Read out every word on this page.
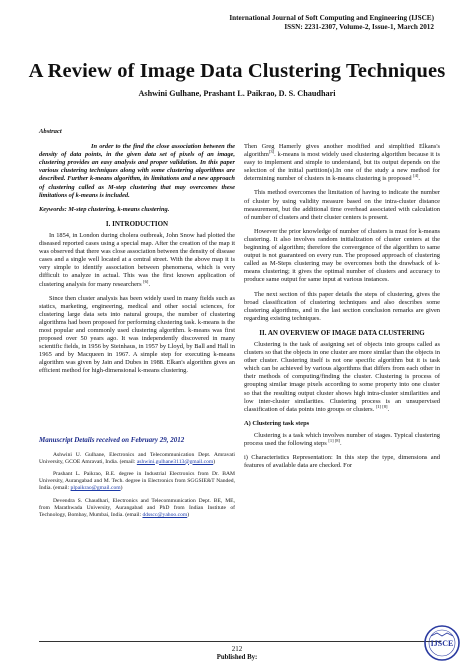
International Journal of Soft Computing and Engineering (IJSCE)
ISSN: 2231-2307, Volume-2, Issue-1, March 2012
A Review of Image Data Clustering Techniques
Ashwini Gulhane, Prashant L. Paikrao, D. S. Chaudhari
Abstract

In order to the find the close association between the density of data points, in the given data set of pixels of an image, clustering provides an easy analysis and proper validation. In this paper various clustering techniques along with some clustering algorithms are described. Further k-means algorithm, its limitations and a new approach of clustering called as M-step clustering that may overcomes these limitations of k-means is included.

Keywords: M-step clustering, k-means clustering.
I. INTRODUCTION

In 1854, in London during cholera outbreak, John Snow had plotted the diseased reported cases using a special map. After the creation of the map it was observed that there was close association between the density of disease cases and a single well located at a central street. With the above map it is very simple to identify association between phenomena, which is very difficult to analyze in actual. This was the first known application of clustering analysis for many researchers [6].

Since then cluster analysis has been widely used in many fields such as statics, marketing, engineering, medical and other social sciences, for clustering large data sets into natural groups, the number of clustering algorithms had been proposed for performing clustering task. k-means is the most popular and commonly used clustering algorithm. k-means was first proposed over 50 years ago. It was independently discovered in many scientific fields, in 1956 by Steinhaus, in 1957 by Lloyd, by Ball and Hall in 1965 and by Macqueen in 1967. A simple step for executing k-means algorithm was given by Jain and Dubes in 1988. Elkan's algorithm gives an efficient method for high-dimensional k-means clustering.

Manuscript Details received on February 29, 2012

Ashwini U. Gulhane, Electronics and Telecommunication Dept. Amravati University, GCOE Amravati, India. (email: ashwini.gulhane3113@gmail.com)

Prashant L. Paikrao, B.E. degree in Industrial Electronics from Dr. BAM University, Aurangabad and M. Tech. degree in Electronics from SGGSIE&T Nanded, India. (email: plpaikrao@gmail.com)

Devendra S. Chaudhari, Electronics and Telecommunication Dept. BE, ME, from Marathwada University, Aurangabad and PhD from Indian Institute of Technology, Bombay, Mumbai, India. (email: ddsscc@yahoo.com)

Then Greg Hamerly gives another modified and simplified Elkans's algorithm[3]. k-means is most widely used clustering algorithm because it is easy to implement and simple to understand, but its output depends on the selection of the initial partition(s).In one of the study a new method for determining number of clusters in k-means clustering is proposed [4].

This method overcomes the limitation of having to indicate the number of cluster by using validity measure based on the intra-cluster distance measurement, but the additional time overhead associated with calculation of number of clusters and their cluster centers is present.

However the prior knowledge of number of clusters is must for k-means clustering. It also involves random initialization of cluster centers at the beginning of algorithm; therefore the convergence of the algorithm to same output is not guaranteed on every run. The proposed approach of clustering called as M-Steps clustering may be overcomes both the drawback of k-means clustering; it gives the optimal number of clusters and accuracy to produce same output for same input at various instances.

The next section of this paper details the steps of clustering, gives the broad classification of clustering techniques and also describes some clustering algorithms, and in the last section conclusion remarks are given regarding existing techniques.

II. AN OVERVIEW OF IMAGE DATA CLUSTERING

Clustering is the task of assigning set of objects into groups called as clusters so that the objects in one cluster are more similar than the objects in other cluster. Clustering itself is not one specific algorithm but it is task which can be achieved by various algorithms that differs from each other in their methods of computing/finding the cluster. Clustering is process of grouping similar image pixels according to some property into one cluster so that the resulting output cluster shows high intra-cluster similarities and low inter-cluster similarities. Clustering process is an unsupervised classification of data points into groups or clusters. [1] [8].

A) Clustering task steps

Clustering is a task which involves number of stages. Typical clustering process used the following steps [1] [8].

i) Characteristics Representation: In this step the type, dimensions and features of available data are checked. For

212
Published By:
IJSCE
